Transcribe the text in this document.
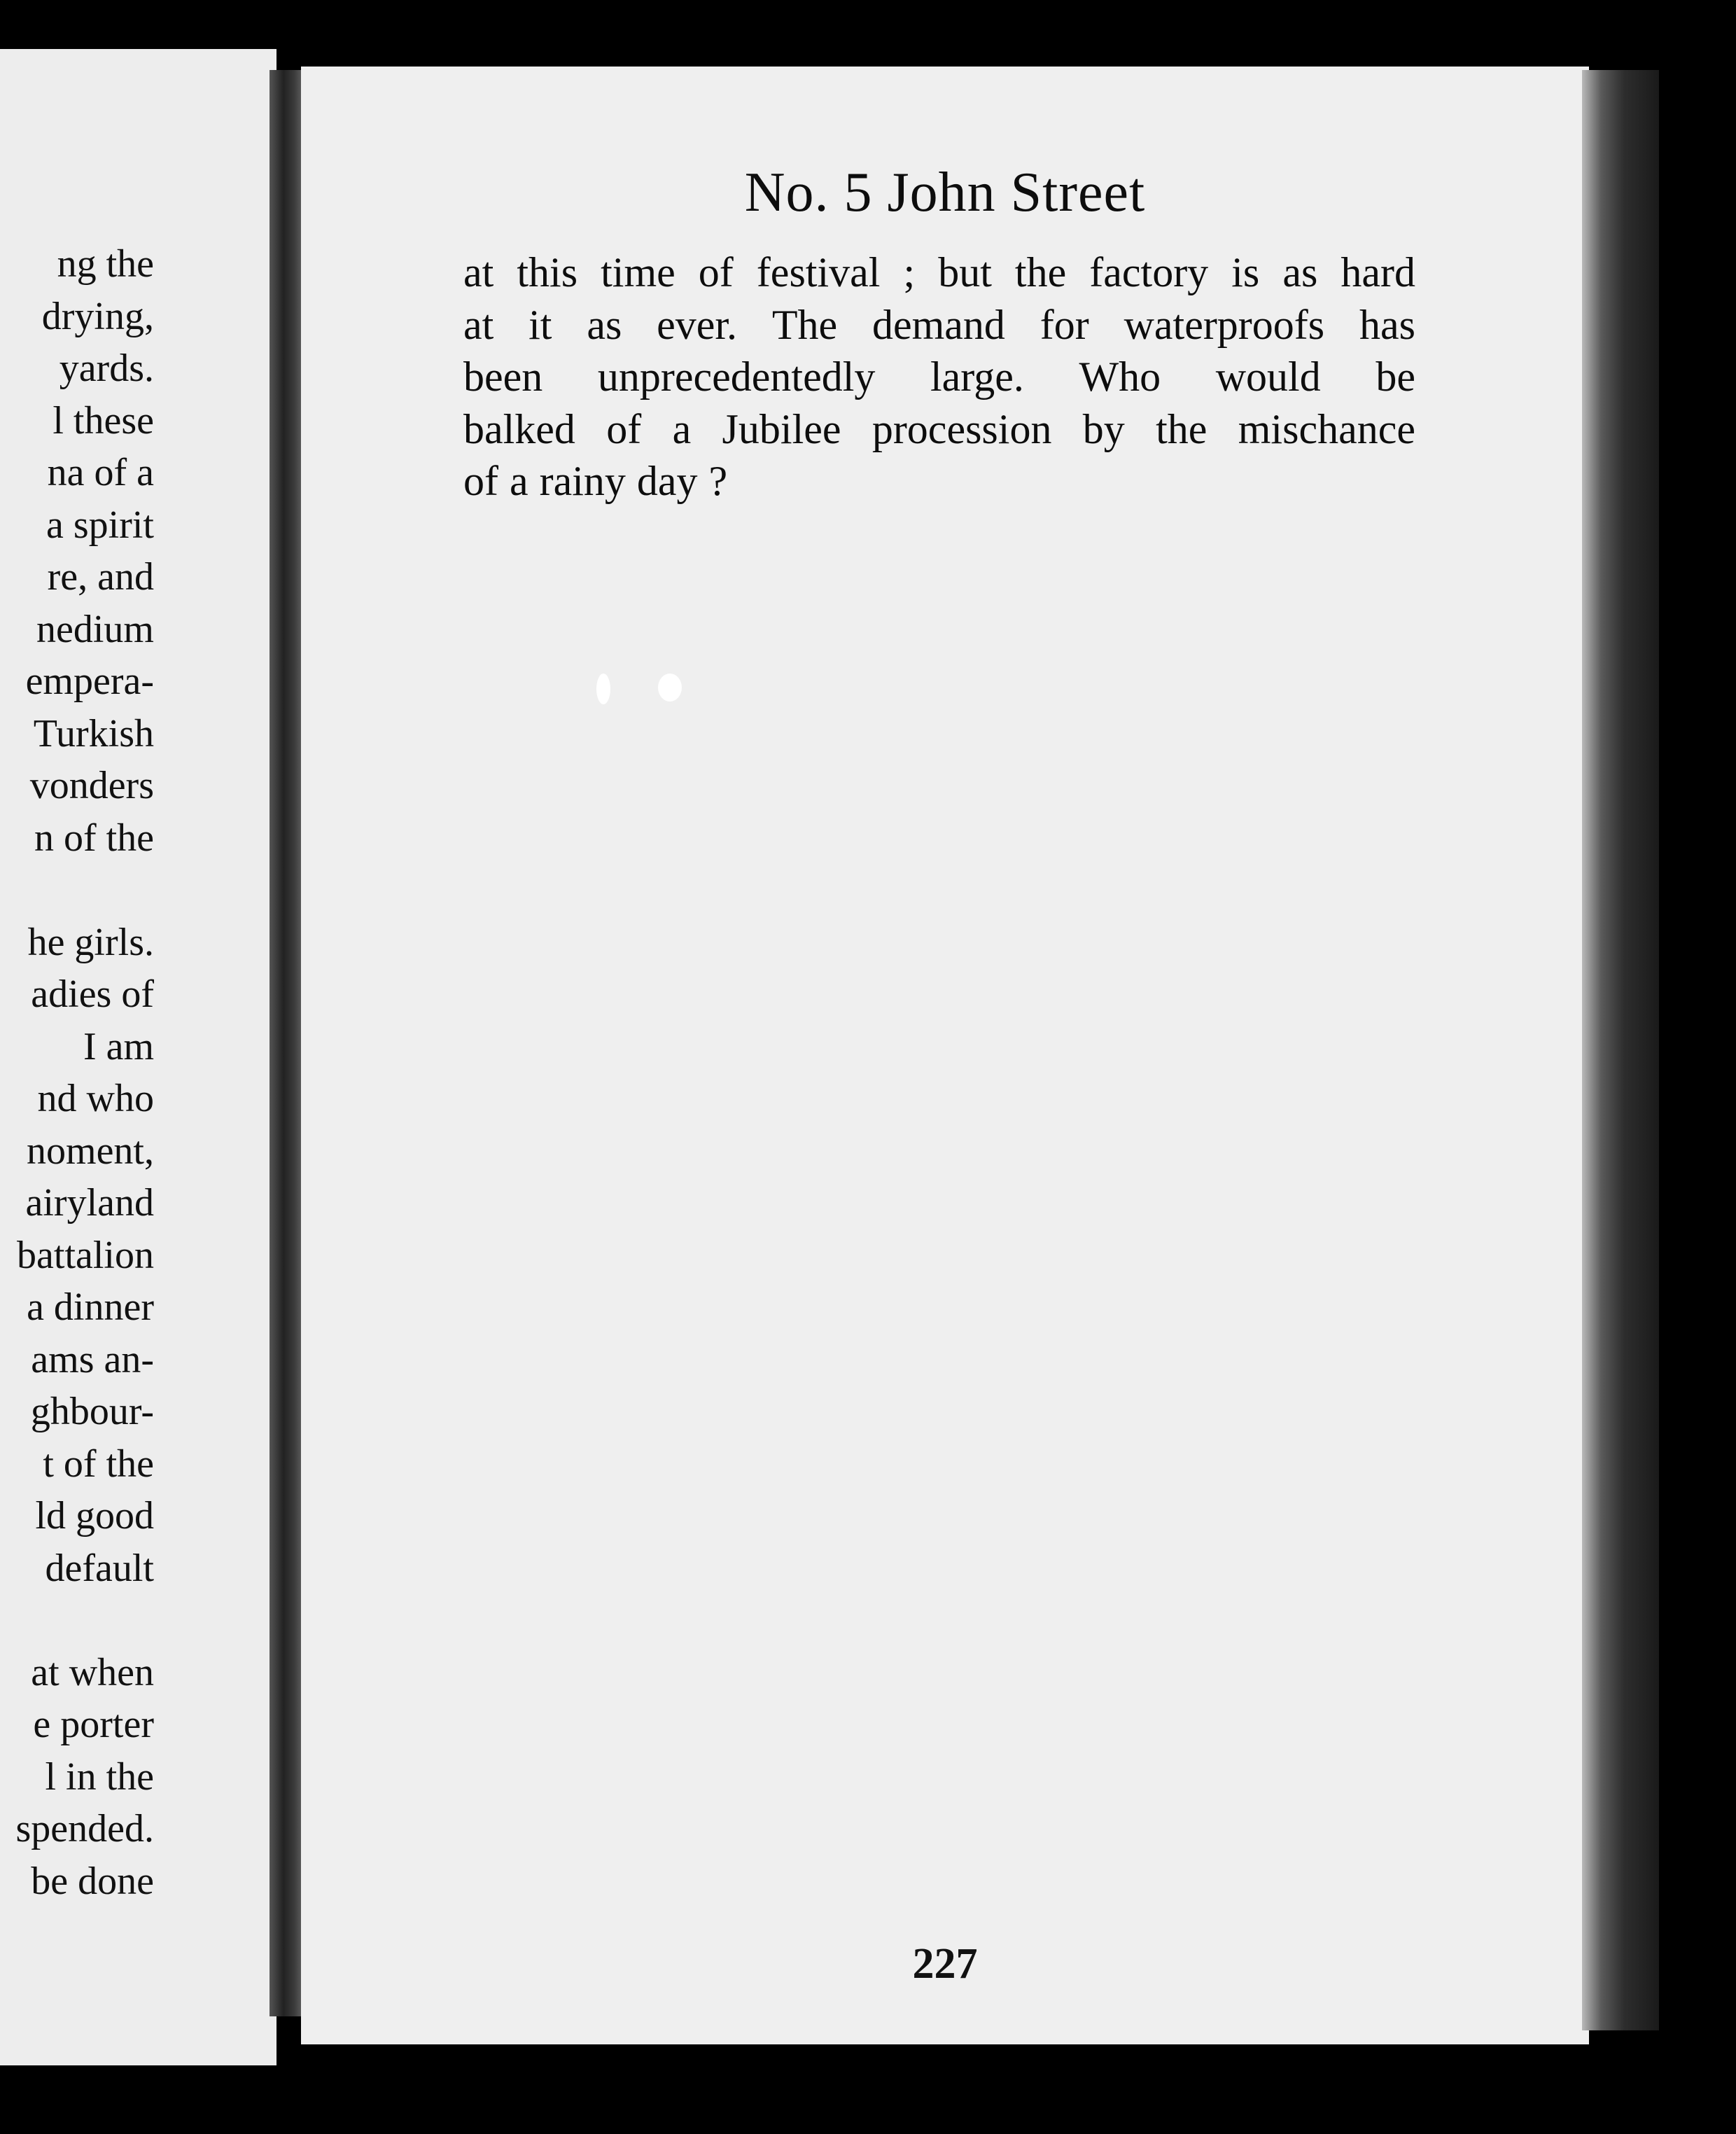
ng the
drying,
yards.
l these
na of a
a spirit
re, and
nedium
empera-
Turkish
vonders
n of the
he girls.
adies of
I am
nd who
noment,
airyland
battalion
a dinner
ams an-
ghbour-
t of the
ld good
default
at when
e porter
l in the
spended.
be done
No. 5 John Street
at this time of festival ; but the factory is as hard
at it as ever. The demand for waterproofs has
been unprecedentedly large. Who would be
balked of a Jubilee procession by the mischance
of a rainy day ?
227
